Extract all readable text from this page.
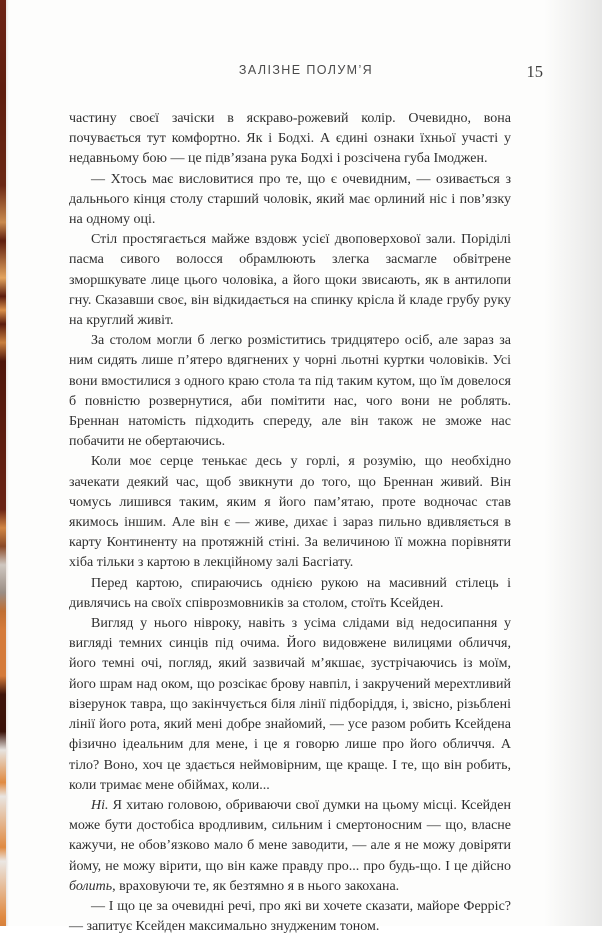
ЗАЛІЗНЕ ПОЛУМ’Я	15

частину своєї зачіски в яскраво-рожевий колір. Очевидно, вона почувається тут комфортно. Як і Бодхі. А єдині ознаки їхньої участі у недавньому бою — це підв’язана рука Бодхі і розсічена губа Імоджен.

— Хтось має висловитися про те, що є очевидним, — озивається з дальнього кінця столу старший чоловік, який має орлиний ніс і пов’язку на одному оці.

Стіл простягається майже вздовж усієї двоповерхової зали. Поріділі пасма сивого волосся обрамлюють злегка засмагле обвітрене зморшкувате лице цього чоловіка, а його щоки звисають, як в антилопи гну. Сказавши своє, він відкидається на спинку крісла й кладе грубу руку на круглий живіт.

За столом могли б легко розміститись тридцятеро осіб, але зараз за ним сидять лише п’ятеро вдягнених у чорні льотні куртки чоловіків. Усі вони вмостилися з одного краю стола та під таким кутом, що їм довелося б повністю розвернутися, аби помітити нас, чого вони не роблять. Бреннан натомість підходить спереду, але він також не зможе нас побачити не обертаючись.

Коли моє серце тенькає десь у горлі, я розумію, що необхідно зачекати деякий час, щоб звикнути до того, що Бреннан живий. Він чомусь лишився таким, яким я його пам’ятаю, проте водночас став якимось іншим. Але він є — живе, дихає і зараз пильно вдивляється в карту Континенту на протяжній стіні. За величиною її можна порівняти хіба тільки з картою в лекційному залі Басгіату.

Перед картою, спираючись однією рукою на масивний стілець і дивлячись на своїх співрозмовників за столом, стоїть Ксейден.

Вигляд у нього нівроку, навіть з усіма слідами від недосипання у вигляді темних синців під очима. Його видовжене вилицями обличчя, його темні очі, погляд, який зазвичай м’якшає, зустрічаючись із моїм, його шрам над оком, що розсікає брову навпіл, і закручений мерехтливий візерунок тавра, що закінчується біля лінії підборіддя, і, звісно, різьблені лінії його рота, який мені добре знайомий, — усе разом робить Ксейдена фізично ідеальним для мене, і це я говорю лише про його обличчя. А тіло? Воно, хоч це здається неймовірним, ще краще. І те, що він робить, коли тримає мене обіймах, коли...

Ні. Я хитаю головою, обриваючи свої думки на цьому місці. Ксейден може бути достобіса вродливим, сильним і смертоносним — що, власне кажучи, не обов’язково мало б мене заводити, — але я не можу довіряти йому, не можу вірити, що він каже правду про... про будь-що. І це дійсно болить, враховуючи те, як безтямно я в нього закохана.

— І що це за очевидні речі, про які ви хочете сказати, майоре Ферріс? — запитує Ксейден максимально знудженим тоном.
